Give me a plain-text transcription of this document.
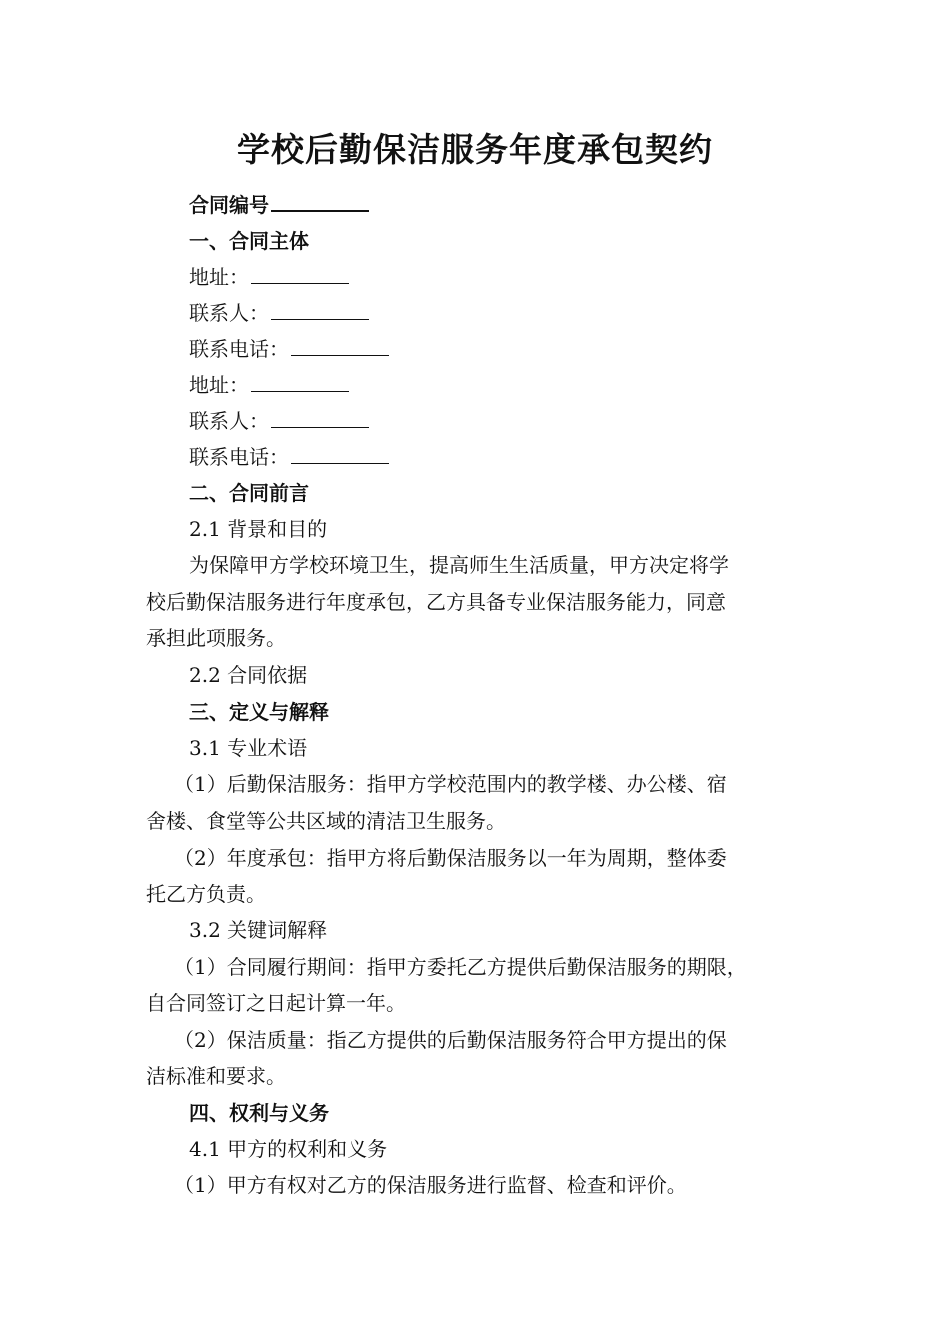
学校后勤保洁服务年度承包契约

合同编号

一、合同主体

地址：

联系人：

联系电话：

地址：

联系人：

联系电话：

二、合同前言

2.1 背景和目的

为保障甲方学校环境卫生，提高师生生活质量，甲方决定将学

校后勤保洁服务进行年度承包，乙方具备专业保洁服务能力，同意

承担此项服务。

2.2 合同依据

三、定义与解释

3.1 专业术语

（1）后勤保洁服务：指甲方学校范围内的教学楼、办公楼、宿

舍楼、食堂等公共区域的清洁卫生服务。

（2）年度承包：指甲方将后勤保洁服务以一年为周期，整体委

托乙方负责。

3.2 关键词解释

（1）合同履行期间：指甲方委托乙方提供后勤保洁服务的期限，

自合同签订之日起计算一年。

（2）保洁质量：指乙方提供的后勤保洁服务符合甲方提出的保

洁标准和要求。

四、权利与义务

4.1 甲方的权利和义务

（1）甲方有权对乙方的保洁服务进行监督、检查和评价。
